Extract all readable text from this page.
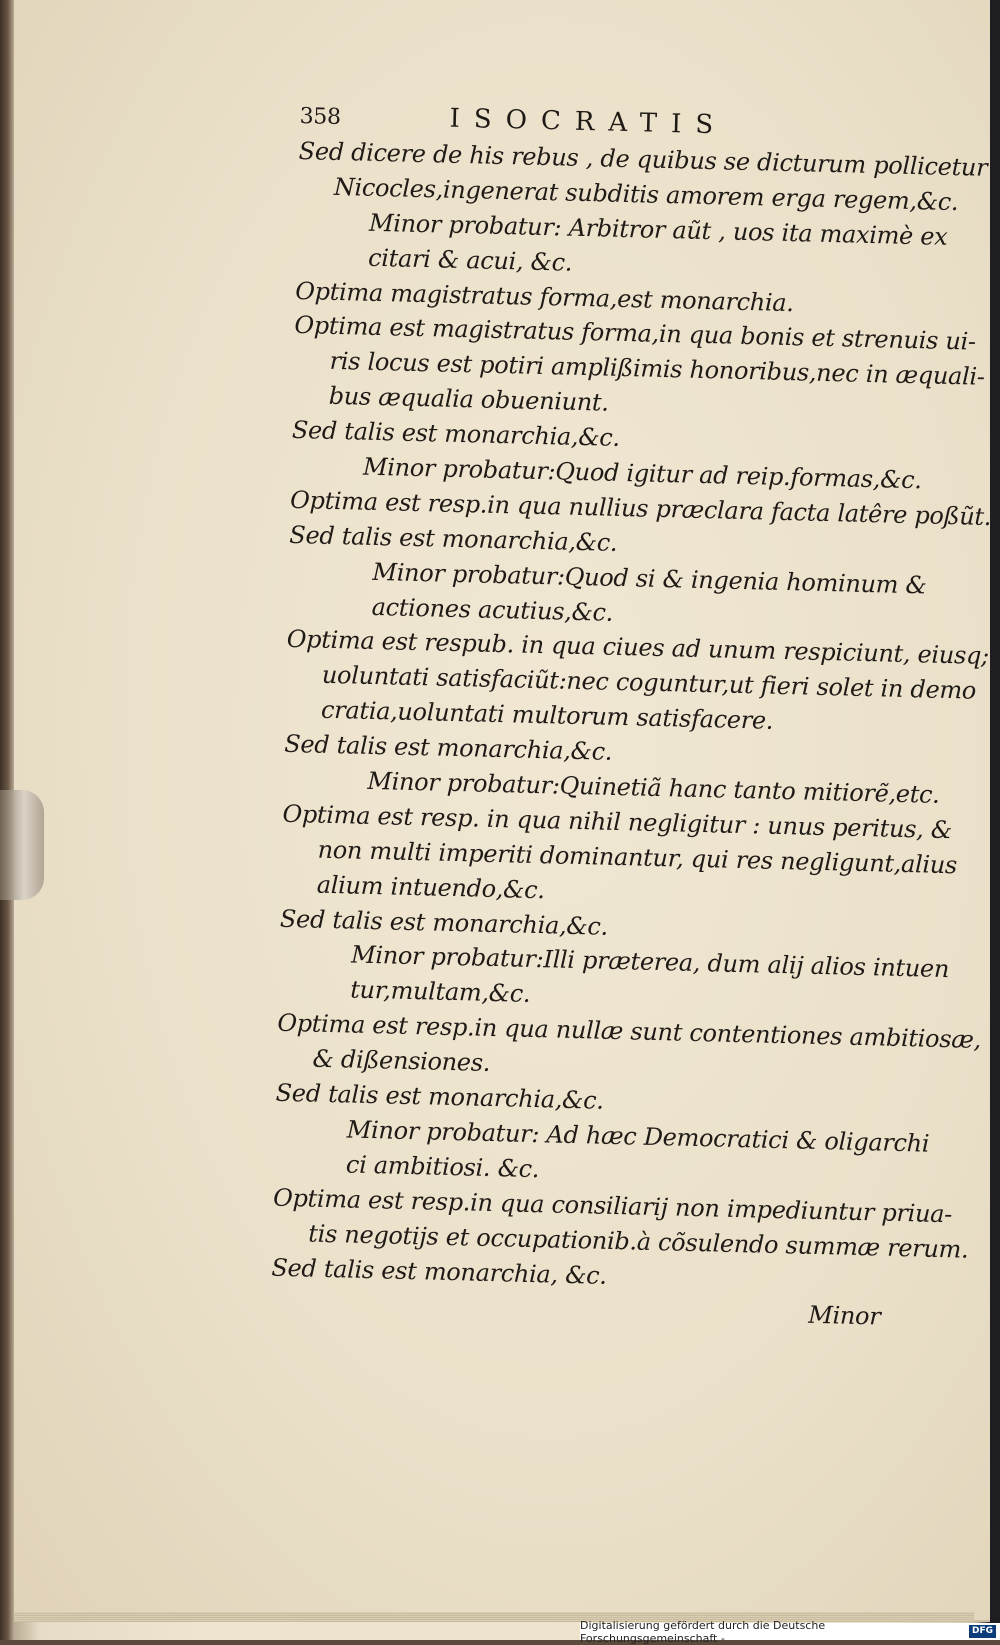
358	ISOCRATIS
Sed dicere de his rebus , de quibus se dicturum pollicetur
Nicocles,ingenerat subditis amorem erga regem,&c.
Minor probatur: Arbitror aũt , uos ita maximè ex
citari & acui, &c.
Optima magistratus forma,est monarchia.
Optima est magistratus forma,in qua bonis et strenuis ui-
ris locus est potiri amplißimis honoribus,nec in æquali-
bus æqualia obueniunt.
Sed talis est monarchia,&c.
Minor probatur:Quod igitur ad reip.formas,&c.
Optima est resp.in qua nullius præclara facta latêre poßũt.
Sed talis est monarchia,&c.
Minor probatur:Quod si & ingenia hominum &
actiones acutius,&c.
Optima est respub. in qua ciues ad unum respiciunt, eiusq;
uoluntati satisfaciũt:nec coguntur,ut fieri solet in demo
cratia,uoluntati multorum satisfacere.
Sed talis est monarchia,&c.
Minor probatur:Quinetiã hanc tanto mitiorẽ,etc.
Optima est resp. in qua nihil negligitur : unus peritus, &
non multi imperiti dominantur, qui res negligunt,alius
alium intuendo,&c.
Sed talis est monarchia,&c.
Minor probatur:Illi præterea, dum alij alios intuen
tur,multam,&c.
Optima est resp.in qua nullæ sunt contentiones ambitiosæ,
& dißensiones.
Sed talis est monarchia,&c.
Minor probatur: Ad hæc Democratici & oligarchi
ci ambitiosi. &c.
Optima est resp.in qua consiliarij non impediuntur priua-
tis negotijs et occupationib.à cõsulendo summæ rerum.
Sed talis est monarchia, &c.
Minor
Digitalisierung gefördert durch die Deutsche Forschungsgemeinschaft -
DFG
